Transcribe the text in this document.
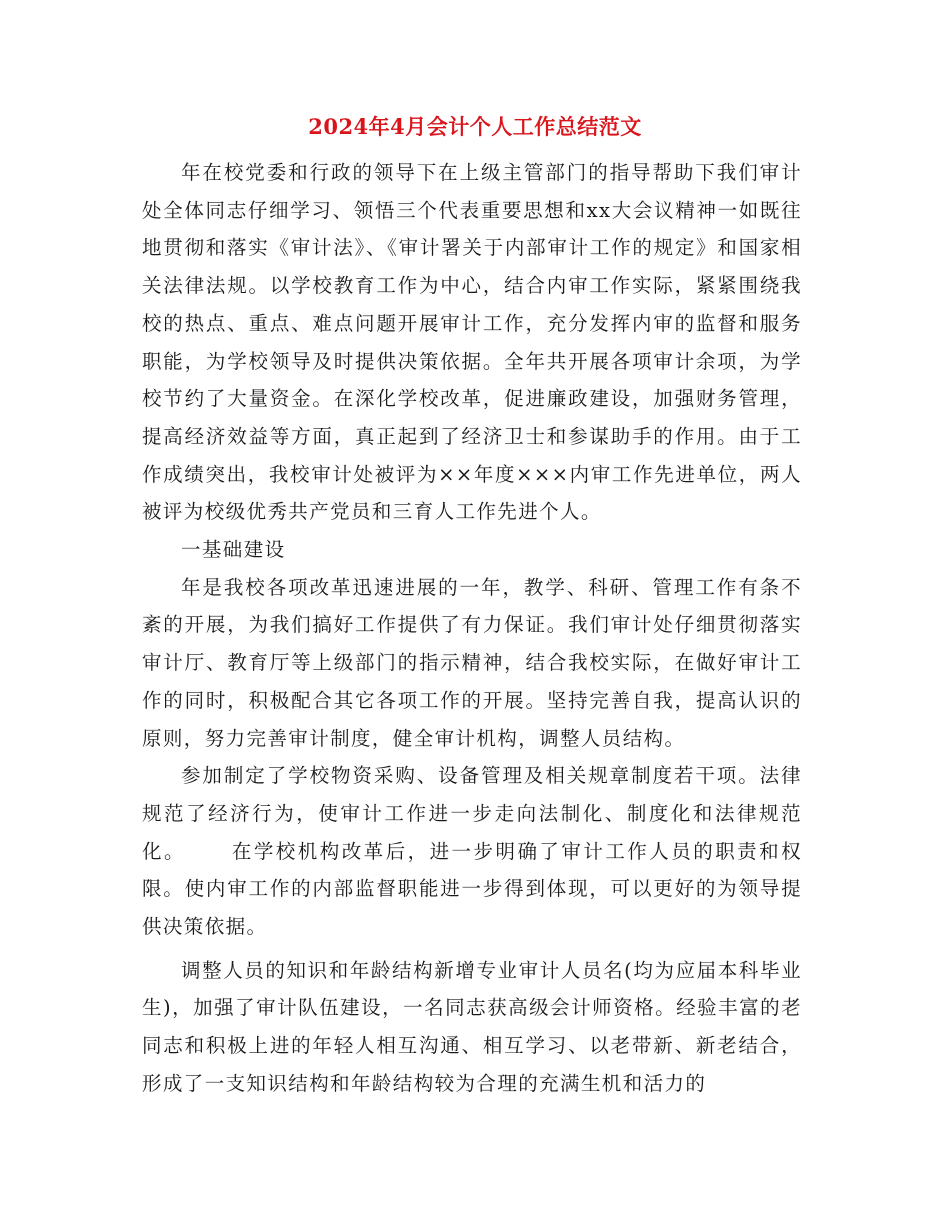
2024年4月会计个人工作总结范文

年在校党委和行政的领导下在上级主管部门的指导帮助下我们审计处全体同志仔细学习、领悟三个代表重要思想和xx大会议精神一如既往地贯彻和落实《审计法》、《审计署关于内部审计工作的规定》和国家相关法律法规。以学校教育工作为中心，结合内审工作实际，紧紧围绕我校的热点、重点、难点问题开展审计工作，充分发挥内审的监督和服务职能，为学校领导及时提供决策依据。全年共开展各项审计余项，为学校节约了大量资金。在深化学校改革，促进廉政建设，加强财务管理，提高经济效益等方面，真正起到了经济卫士和参谋助手的作用。由于工作成绩突出，我校审计处被评为××年度×××内审工作先进单位，两人被评为校级优秀共产党员和三育人工作先进个人。

一基础建设

年是我校各项改革迅速进展的一年，教学、科研、管理工作有条不紊的开展，为我们搞好工作提供了有力保证。我们审计处仔细贯彻落实审计厅、教育厅等上级部门的指示精神，结合我校实际，在做好审计工作的同时，积极配合其它各项工作的开展。坚持完善自我，提高认识的原则，努力完善审计制度，健全审计机构，调整人员结构。

参加制定了学校物资采购、设备管理及相关规章制度若干项。法律规范了经济行为，使审计工作进一步走向法制化、制度化和法律规范化。 在学校机构改革后，进一步明确了审计工作人员的职责和权限。使内审工作的内部监督职能进一步得到体现，可以更好的为领导提供决策依据。

调整人员的知识和年龄结构新增专业审计人员名(均为应届本科毕业生)，加强了审计队伍建设，一名同志获高级会计师资格。经验丰富的老同志和积极上进的年轻人相互沟通、相互学习、以老带新、新老结合，形成了一支知识结构和年龄结构较为合理的充满生机和活力的
